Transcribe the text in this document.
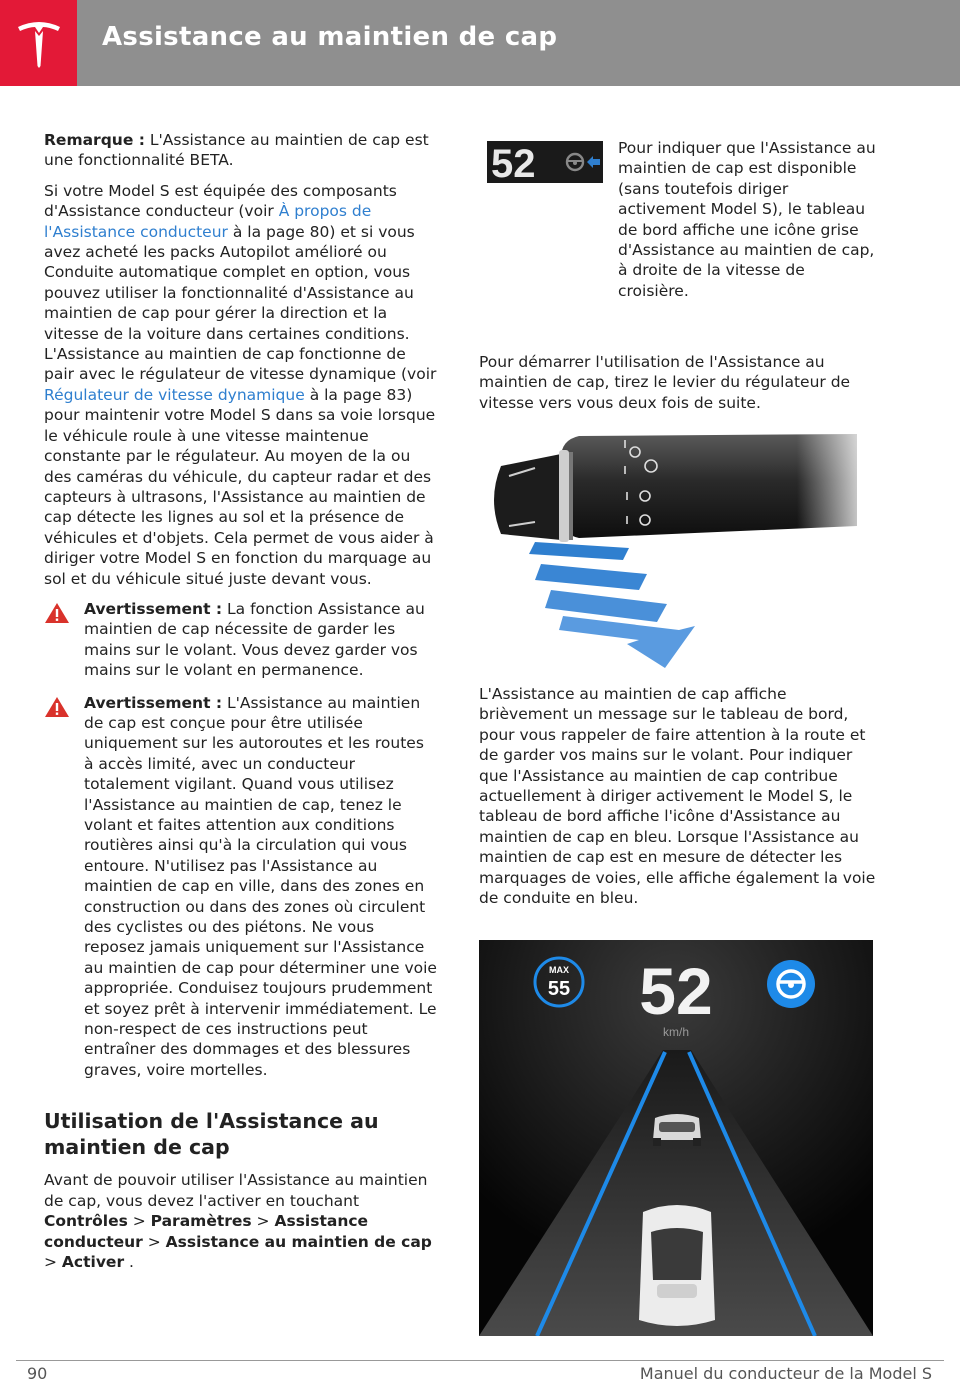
Assistance au maintien de cap

Remarque : L'Assistance au maintien de cap est une fonctionnalité BETA.

Si votre Model S est équipée des composants d'Assistance conducteur (voir À propos de l'Assistance conducteur à la page 80) et si vous avez acheté les packs Autopilot amélioré ou Conduite automatique complet en option, vous pouvez utiliser la fonctionnalité d'Assistance au maintien de cap pour gérer la direction et la vitesse de la voiture dans certaines conditions. L'Assistance au maintien de cap fonctionne de pair avec le régulateur de vitesse dynamique (voir Régulateur de vitesse dynamique à la page 83) pour maintenir votre Model S dans sa voie lorsque le véhicule roule à une vitesse maintenue constante par le régulateur. Au moyen de la ou des caméras du véhicule, du capteur radar et des capteurs à ultrasons, l'Assistance au maintien de cap détecte les lignes au sol et la présence de véhicules et d'objets. Cela permet de vous aider à diriger votre Model S en fonction du marquage au sol et du véhicule situé juste devant vous.

Avertissement : La fonction Assistance au maintien de cap nécessite de garder les mains sur le volant. Vous devez garder vos mains sur le volant en permanence.
Avertissement : L'Assistance au maintien de cap est conçue pour être utilisée uniquement sur les autoroutes et les routes à accès limité, avec un conducteur totalement vigilant. Quand vous utilisez l'Assistance au maintien de cap, tenez le volant et faites attention aux conditions routières ainsi qu'à la circulation qui vous entoure. N'utilisez pas l'Assistance au maintien de cap en ville, dans des zones en construction ou dans des zones où circulent des cyclistes ou des piétons. Ne vous reposez jamais uniquement sur l'Assistance au maintien de cap pour déterminer une voie appropriée. Conduisez toujours prudemment et soyez prêt à intervenir immédiatement. Le non-respect de ces instructions peut entraîner des dommages et des blessures graves, voire mortelles.
Utilisation de l'Assistance au maintien de cap

Avant de pouvoir utiliser l'Assistance au maintien de cap, vous devez l'activer en touchant Contrôles > Paramètres > Assistance conducteur > Assistance au maintien de cap > Activer .

52	Pour indiquer que l'Assistance au maintien de cap est disponible (sans toutefois diriger activement Model S), le tableau de bord affiche une icône grise d'Assistance au maintien de cap, à droite de la vitesse de croisière.

Pour démarrer l'utilisation de l'Assistance au maintien de cap, tirez le levier du régulateur de vitesse vers vous deux fois de suite.

L'Assistance au maintien de cap affiche brièvement un message sur le tableau de bord, pour vous rappeler de faire attention à la route et de garder vos mains sur le volant. Pour indiquer que l'Assistance au maintien de cap contribue actuellement à diriger activement le Model S, le tableau de bord affiche l'icône d'Assistance au maintien de cap en bleu. Lorsque l'Assistance au maintien de cap est en mesure de détecter les marquages de voies, elle affiche également la voie de conduite en bleu.

MAX
55 52
km/h
90	Manuel du conducteur de la Model S
